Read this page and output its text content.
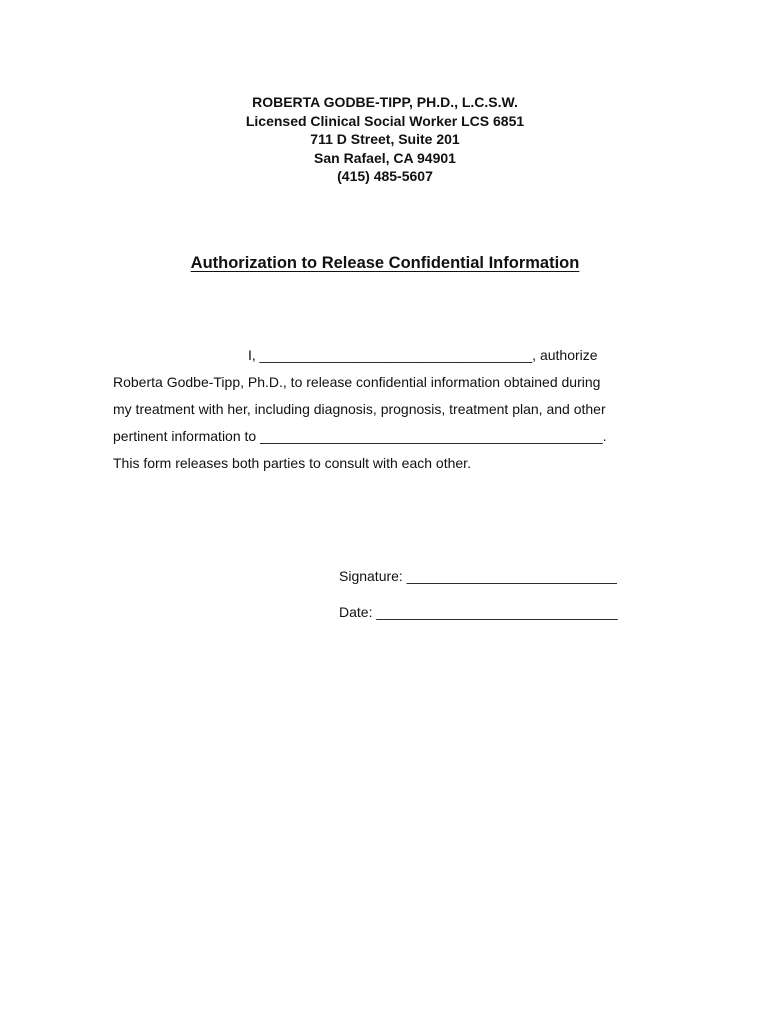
ROBERTA GODBE-TIPP, PH.D., L.C.S.W.
Licensed Clinical Social Worker LCS 6851
711 D Street, Suite 201
San Rafael, CA 94901
(415) 485-5607
Authorization to Release Confidential Information
I, ___________________________________, authorize
Roberta Godbe-Tipp, Ph.D., to release confidential information obtained during
my treatment with her, including diagnosis, prognosis, treatment plan, and other
pertinent information to ____________________________________________.
This form releases both parties to consult with each other.
Signature: ___________________________
Date: _______________________________
